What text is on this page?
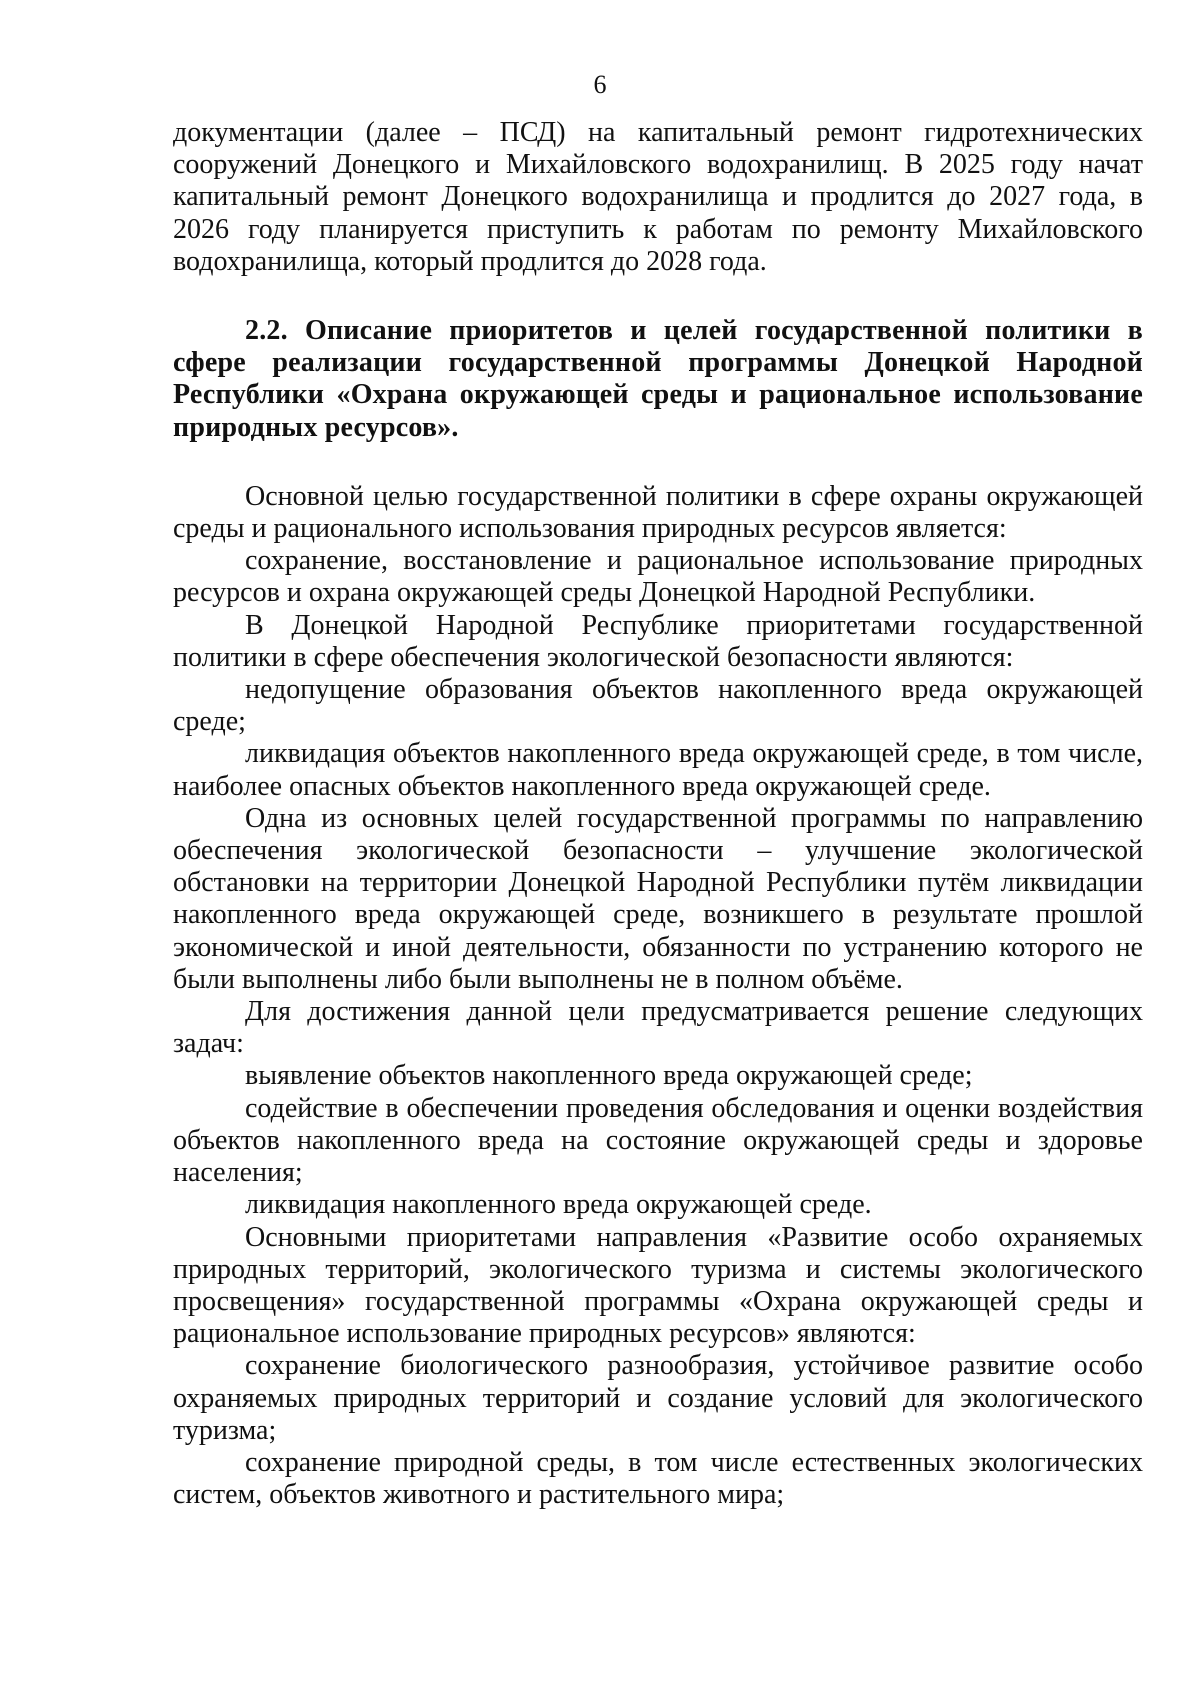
6

документации (далее – ПСД) на капитальный ремонт гидротехнических сооружений Донецкого и Михайловского водохранилищ. В 2025 году начат капитальный ремонт Донецкого водохранилища и продлится до 2027 года, в 2026 году планируется приступить к работам по ремонту Михайловского водохранилища, который продлится до 2028 года.

2.2. Описание приоритетов и целей государственной политики в сфере реализации государственной программы Донецкой Народной Республики «Охрана окружающей среды и рациональное использование природных ресурсов».

Основной целью государственной политики в сфере охраны окружающей среды и рационального использования природных ресурсов является:

сохранение, восстановление и рациональное использование природных ресурсов и охрана окружающей среды Донецкой Народной Республики.

В Донецкой Народной Республике приоритетами государственной политики в сфере обеспечения экологической безопасности являются:

недопущение образования объектов накопленного вреда окружающей среде;

ликвидация объектов накопленного вреда окружающей среде, в том числе, наиболее опасных объектов накопленного вреда окружающей среде.

Одна из основных целей государственной программы по направлению обеспечения экологической безопасности – улучшение экологической обстановки на территории Донецкой Народной Республики путём ликвидации накопленного вреда окружающей среде, возникшего в результате прошлой экономической и иной деятельности, обязанности по устранению которого не были выполнены либо были выполнены не в полном объёме.

Для достижения данной цели предусматривается решение следующих задач:

выявление объектов накопленного вреда окружающей среде;

содействие в обеспечении проведения обследования и оценки воздействия объектов накопленного вреда на состояние окружающей среды и здоровье населения;

ликвидация накопленного вреда окружающей среде.

Основными приоритетами направления «Развитие особо охраняемых природных территорий, экологического туризма и системы экологического просвещения» государственной программы «Охрана окружающей среды и рациональное использование природных ресурсов» являются:

сохранение биологического разнообразия, устойчивое развитие особо охраняемых природных территорий и создание условий для экологического туризма;

сохранение природной среды, в том числе естественных экологических систем, объектов животного и растительного мира;
